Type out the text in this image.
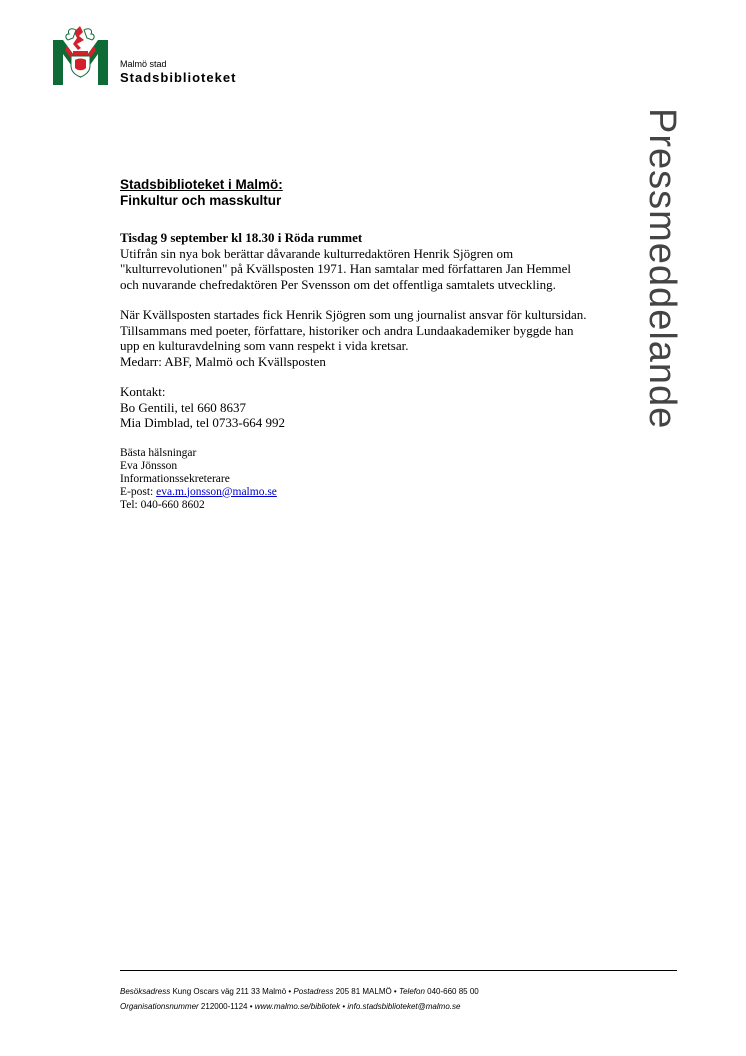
Malmö stad
Stadsbiblioteket
Pressmeddelande
Stadsbiblioteket i Malmö:
Finkultur och masskultur
Tisdag 9 september kl 18.30 i Röda rummet
Utifrån sin nya bok berättar dåvarande kulturredaktören Henrik Sjögren om "kulturrevolutionen" på Kvällsposten 1971. Han samtalar med författaren Jan Hemmel och nuvarande chefredaktören Per Svensson om det offentliga samtalets utveckling.
När Kvällsposten startades fick Henrik Sjögren som ung journalist ansvar för kultursidan. Tillsammans med poeter, författare, historiker och andra Lundaakademiker byggde han upp en kulturavdelning som vann respekt i vida kretsar.
Medarr: ABF, Malmö och Kvällsposten
Kontakt:
Bo Gentili, tel 660 8637
Mia Dimblad, tel 0733-664 992
Bästa hälsningar
Eva Jönsson
Informationssekreterare
E-post: eva.m.jonsson@malmo.se
Tel: 040-660 8602
Besöksadress Kung Oscars väg 211 33 Malmö • Postadress 205 81 MALMÖ • Telefon 040-660 85 00
Organisationsnummer 212000-1124 • www.malmo.se/bibliotek • info.stadsbiblioteket@malmo.se
